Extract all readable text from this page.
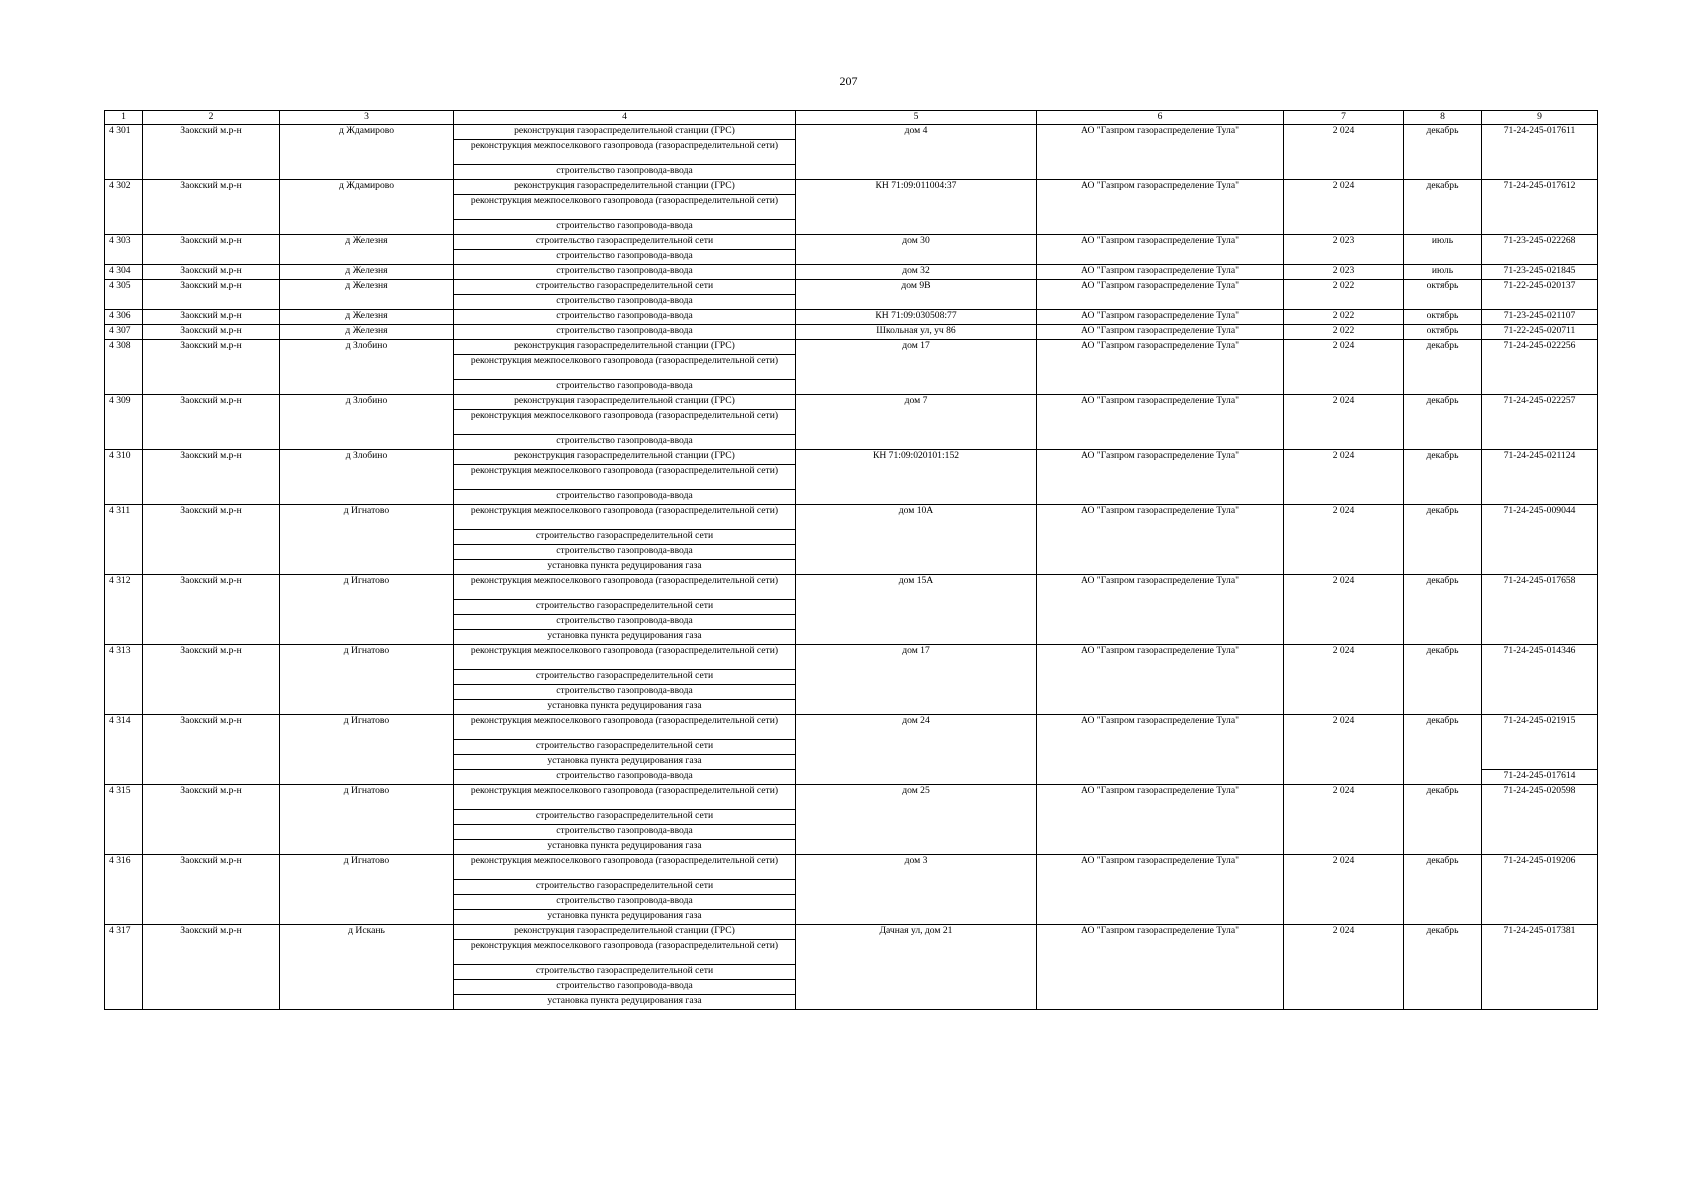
207
1	2	3	4	5	6	7	8	9
4 301	Заокский м.р-н	д Ждамирово	реконструкция газораспределительной станции (ГРС)	дом 4	АО "Газпром газораспределение Тула"	2 024	декабрь	71-24-245-017611
			реконструкция межпоселкового газопровода (газораспределительной сети)					
			строительство газопровода-ввода					
4 302	Заокский м.р-н	д Ждамирово	реконструкция газораспределительной станции (ГРС)	КН 71:09:011004:37	АО "Газпром газораспределение Тула"	2 024	декабрь	71-24-245-017612
			реконструкция межпоселкового газопровода (газораспределительной сети)					
			строительство газопровода-ввода					
4 303	Заокский м.р-н	д Железня	строительство газораспределительной сети	дом 30	АО "Газпром газораспределение Тула"	2 023	июль	71-23-245-022268
			строительство газопровода-ввода					
4 304	Заокский м.р-н	д Железня	строительство газопровода-ввода	дом 32	АО "Газпром газораспределение Тула"	2 023	июль	71-23-245-021845
4 305	Заокский м.р-н	д Железня	строительство газораспределительной сети	дом 9В	АО "Газпром газораспределение Тула"	2 022	октябрь	71-22-245-020137
			строительство газопровода-ввода					
4 306	Заокский м.р-н	д Железня	строительство газопровода-ввода	КН 71:09:030508:77	АО "Газпром газораспределение Тула"	2 022	октябрь	71-23-245-021107
4 307	Заокский м.р-н	д Железня	строительство газопровода-ввода	Школьная ул, уч 86	АО "Газпром газораспределение Тула"	2 022	октябрь	71-22-245-020711
4 308	Заокский м.р-н	д Злобино	реконструкция газораспределительной станции (ГРС)	дом 17	АО "Газпром газораспределение Тула"	2 024	декабрь	71-24-245-022256
			реконструкция межпоселкового газопровода (газораспределительной сети)					
			строительство газопровода-ввода					
4 309	Заокский м.р-н	д Злобино	реконструкция газораспределительной станции (ГРС)	дом 7	АО "Газпром газораспределение Тула"	2 024	декабрь	71-24-245-022257
			реконструкция межпоселкового газопровода (газораспределительной сети)					
			строительство газопровода-ввода					
4 310	Заокский м.р-н	д Злобино	реконструкция газораспределительной станции (ГРС)	КН 71:09:020101:152	АО "Газпром газораспределение Тула"	2 024	декабрь	71-24-245-021124
			реконструкция межпоселкового газопровода (газораспределительной сети)					
			строительство газопровода-ввода					
4 311	Заокский м.р-н	д Игнатово	реконструкция межпоселкового газопровода (газораспределительной сети)	дом 10А	АО "Газпром газораспределение Тула"	2 024	декабрь	71-24-245-009044
			строительство газораспределительной сети					
			строительство газопровода-ввода					
			установка пункта редуцирования газа					
4 312	Заокский м.р-н	д Игнатово	реконструкция межпоселкового газопровода (газораспределительной сети)	дом 15А	АО "Газпром газораспределение Тула"	2 024	декабрь	71-24-245-017658
			строительство газораспределительной сети					
			строительство газопровода-ввода					
			установка пункта редуцирования газа					
4 313	Заокский м.р-н	д Игнатово	реконструкция межпоселкового газопровода (газораспределительной сети)	дом 17	АО "Газпром газораспределение Тула"	2 024	декабрь	71-24-245-014346
			строительство газораспределительной сети					
			строительство газопровода-ввода					
			установка пункта редуцирования газа					
4 314	Заокский м.р-н	д Игнатово	реконструкция межпоселкового газопровода (газораспределительной сети)	дом 24	АО "Газпром газораспределение Тула"	2 024	декабрь	71-24-245-021915
			строительство газораспределительной сети					
			установка пункта редуцирования газа					
			строительство газопровода-ввода					71-24-245-017614
4 315	Заокский м.р-н	д Игнатово	реконструкция межпоселкового газопровода (газораспределительной сети)	дом 25	АО "Газпром газораспределение Тула"	2 024	декабрь	71-24-245-020598
			строительство газораспределительной сети					
			строительство газопровода-ввода					
			установка пункта редуцирования газа					
4 316	Заокский м.р-н	д Игнатово	реконструкция межпоселкового газопровода (газораспределительной сети)	дом 3	АО "Газпром газораспределение Тула"	2 024	декабрь	71-24-245-019206
			строительство газораспределительной сети					
			строительство газопровода-ввода					
			установка пункта редуцирования газа					
4 317	Заокский м.р-н	д Искань	реконструкция газораспределительной станции (ГРС)	Дачная ул, дом 21	АО "Газпром газораспределение Тула"	2 024	декабрь	71-24-245-017381
			реконструкция межпоселкового газопровода (газораспределительной сети)					
			строительство газораспределительной сети					
			строительство газопровода-ввода					
			установка пункта редуцирования газа					
